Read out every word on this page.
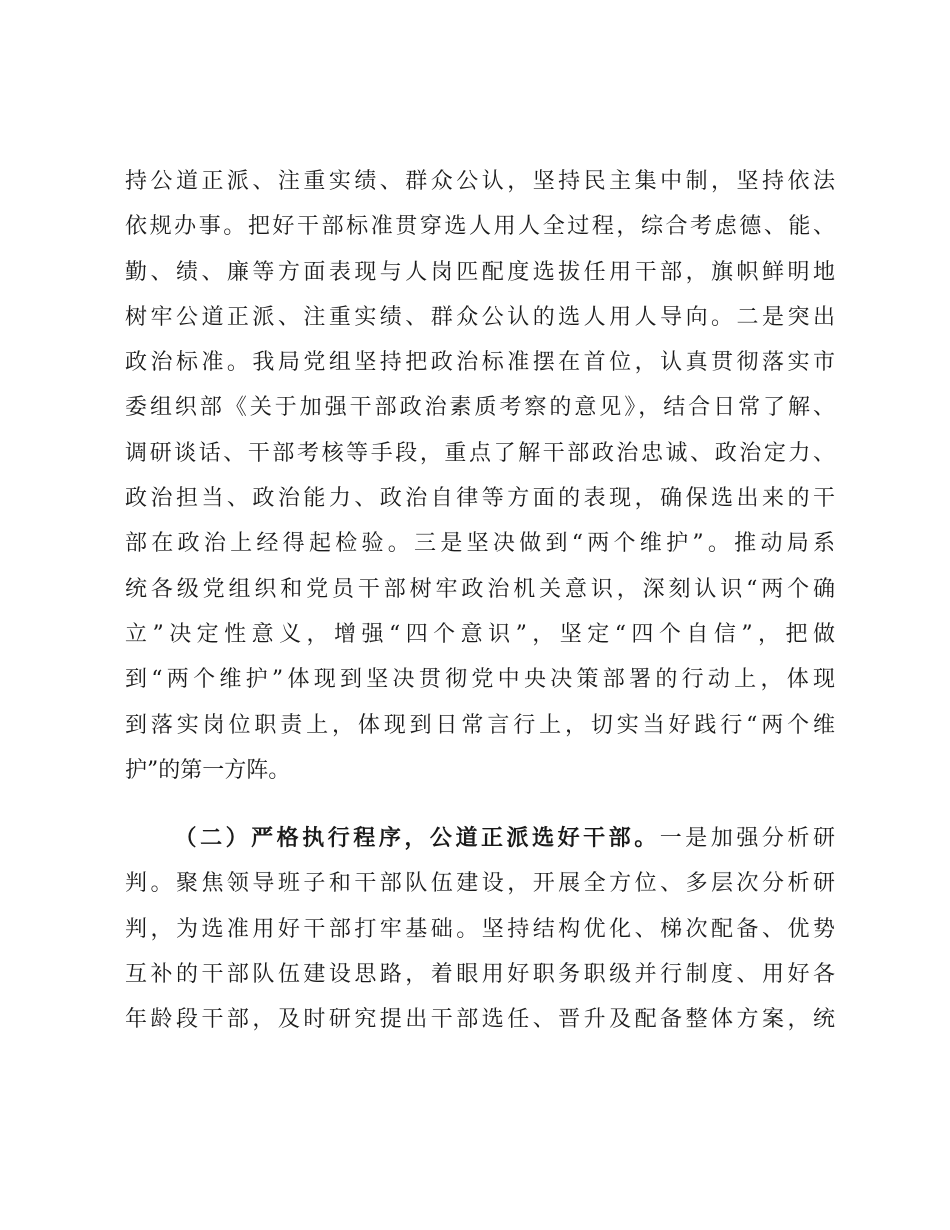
持公道正派、注重实绩、群众公认，坚持民主集中制，坚持依法
依规办事。把好干部标准贯穿选人用人全过程，综合考虑德、能、
勤、绩、廉等方面表现与人岗匹配度选拔任用干部，旗帜鲜明地
树牢公道正派、注重实绩、群众公认的选人用人导向。二是突出
政治标准。我局党组坚持把政治标准摆在首位，认真贯彻落实市
委组织部《关于加强干部政治素质考察的意见》，结合日常了解、
调研谈话、干部考核等手段，重点了解干部政治忠诚、政治定力、
政治担当、政治能力、政治自律等方面的表现，确保选出来的干
部在政治上经得起检验。三是坚决做到“两个维护”。推动局系
统各级党组织和党员干部树牢政治机关意识，深刻认识“两个确
立”决定性意义，增强“四个意识”，坚定“四个自信”，把做
到“两个维护”体现到坚决贯彻党中央决策部署的行动上，体现
到落实岗位职责上，体现到日常言行上，切实当好践行“两个维
护”的第一方阵。
（二）严格执行程序，公道正派选好干部。一是加强分析研
判。聚焦领导班子和干部队伍建设，开展全方位、多层次分析研
判，为选准用好干部打牢基础。坚持结构优化、梯次配备、优势
互补的干部队伍建设思路，着眼用好职务职级并行制度、用好各
年龄段干部，及时研究提出干部选任、晋升及配备整体方案，统
